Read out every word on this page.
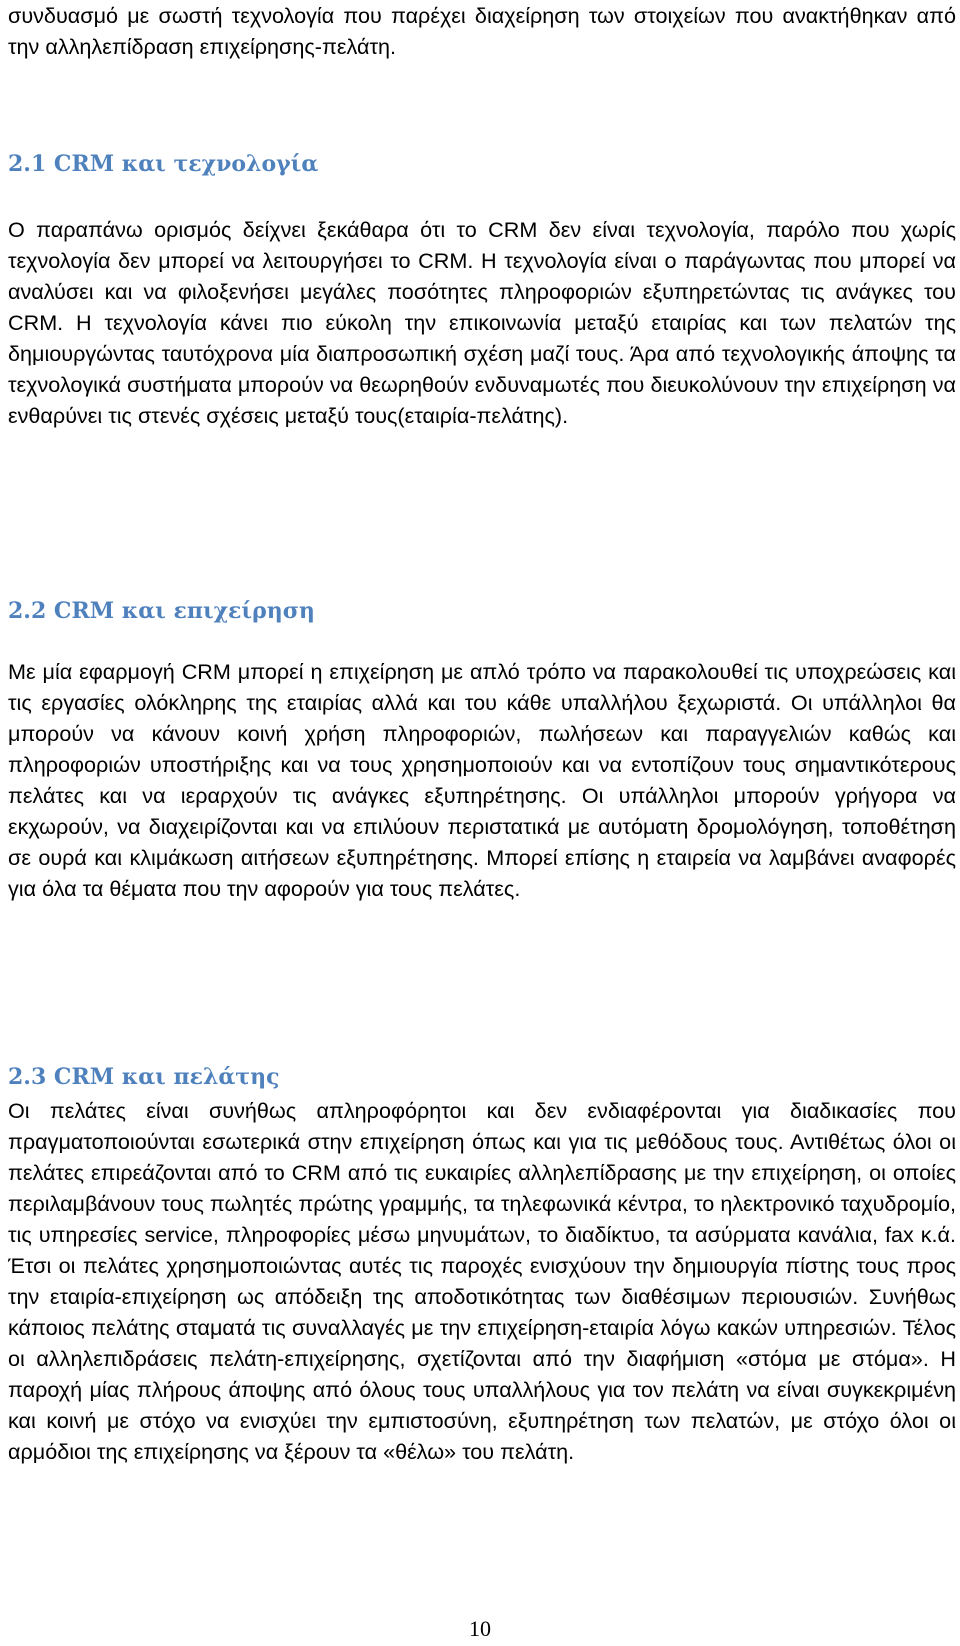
συνδυασμό με σωστή τεχνολογία που παρέχει διαχείρηση των στοιχείων που ανακτήθηκαν από την αλληλεπίδραση επιχείρησης-πελάτη.

2.1 CRM και τεχνολογία

Ο παραπάνω ορισμός δείχνει ξεκάθαρα ότι το CRM δεν είναι τεχνολογία, παρόλο που χωρίς τεχνολογία δεν μπορεί να λειτουργήσει το CRM. Η τεχνολογία είναι ο παράγωντας που μπορεί να αναλύσει και να φιλοξενήσει μεγάλες ποσότητες πληροφοριών εξυπηρετώντας τις ανάγκες του CRM. Η τεχνολογία κάνει πιο εύκολη την επικοινωνία μεταξύ εταιρίας και των πελατών της δημιουργώντας ταυτόχρονα μία διαπροσωπική σχέση μαζί τους. Άρα από τεχνολογικής άποψης τα τεχνολογικά συστήματα μπορούν να θεωρηθούν ενδυναμωτές που διευκολύνουν την επιχείρηση να ενθαρύνει τις στενές σχέσεις μεταξύ τους(εταιρία-πελάτης).

2.2 CRM και επιχείρηση

Με μία εφαρμογή CRM μπορεί η επιχείρηση με απλό τρόπο να παρακολουθεί τις υποχρεώσεις και τις εργασίες ολόκληρης της εταιρίας αλλά και του κάθε υπαλλήλου ξεχωριστά. Οι υπάλληλοι θα μπορούν να κάνουν κοινή χρήση πληροφοριών, πωλήσεων και παραγγελιών καθώς και πληροφοριών υποστήριξης και να τους χρησημοποιούν και να εντοπίζουν τους σημαντικότερους πελάτες και να ιεραρχούν τις ανάγκες εξυπηρέτησης. Οι υπάλληλοι μπορούν γρήγορα να εκχωρούν, να διαχειρίζονται και να επιλύουν περιστατικά με αυτόματη δρομολόγηση, τοποθέτηση σε ουρά και κλιμάκωση αιτήσεων εξυπηρέτησης. Μπορεί επίσης η εταιρεία να λαμβάνει αναφορές για όλα τα θέματα που την αφορούν για τους πελάτες.

2.3 CRM και πελάτης

Οι πελάτες είναι συνήθως απληροφόρητοι και δεν ενδιαφέρονται για διαδικασίες που πραγματοποιούνται εσωτερικά στην επιχείρηση όπως και για τις μεθόδους τους. Αντιθέτως όλοι οι πελάτες επιρεάζονται από το CRM από τις ευκαιρίες αλληλεπίδρασης με την επιχείρηση, οι οποίες περιλαμβάνουν τους πωλητές πρώτης γραμμής, τα τηλεφωνικά κέντρα, το ηλεκτρονικό ταχυδρομίο, τις υπηρεσίες service, πληροφορίες μέσω μηνυμάτων, το διαδίκτυο, τα ασύρματα κανάλια, fax κ.ά. Έτσι οι πελάτες χρησημοποιώντας αυτές τις παροχές ενισχύουν την δημιουργία πίστης τους προς την εταιρία-επιχείρηση ως απόδειξη της αποδοτικότητας των διαθέσιμων περιουσιών. Συνήθως κάποιος πελάτης σταματά τις συναλλαγές με την επιχείρηση-εταιρία λόγω κακών υπηρεσιών. Τέλος οι αλληλεπιδράσεις πελάτη-επιχείρησης, σχετίζονται από την διαφήμιση «στόμα με στόμα». Η παροχή μίας πλήρους άποψης από όλους τους υπαλλήλους για τον πελάτη να είναι συγκεκριμένη και κοινή με στόχο να ενισχύει την εμπιστοσύνη, εξυπηρέτηση των πελατών, με στόχο όλοι οι αρμόδιοι της επιχείρησης να ξέρουν τα «θέλω» του πελάτη.

10
